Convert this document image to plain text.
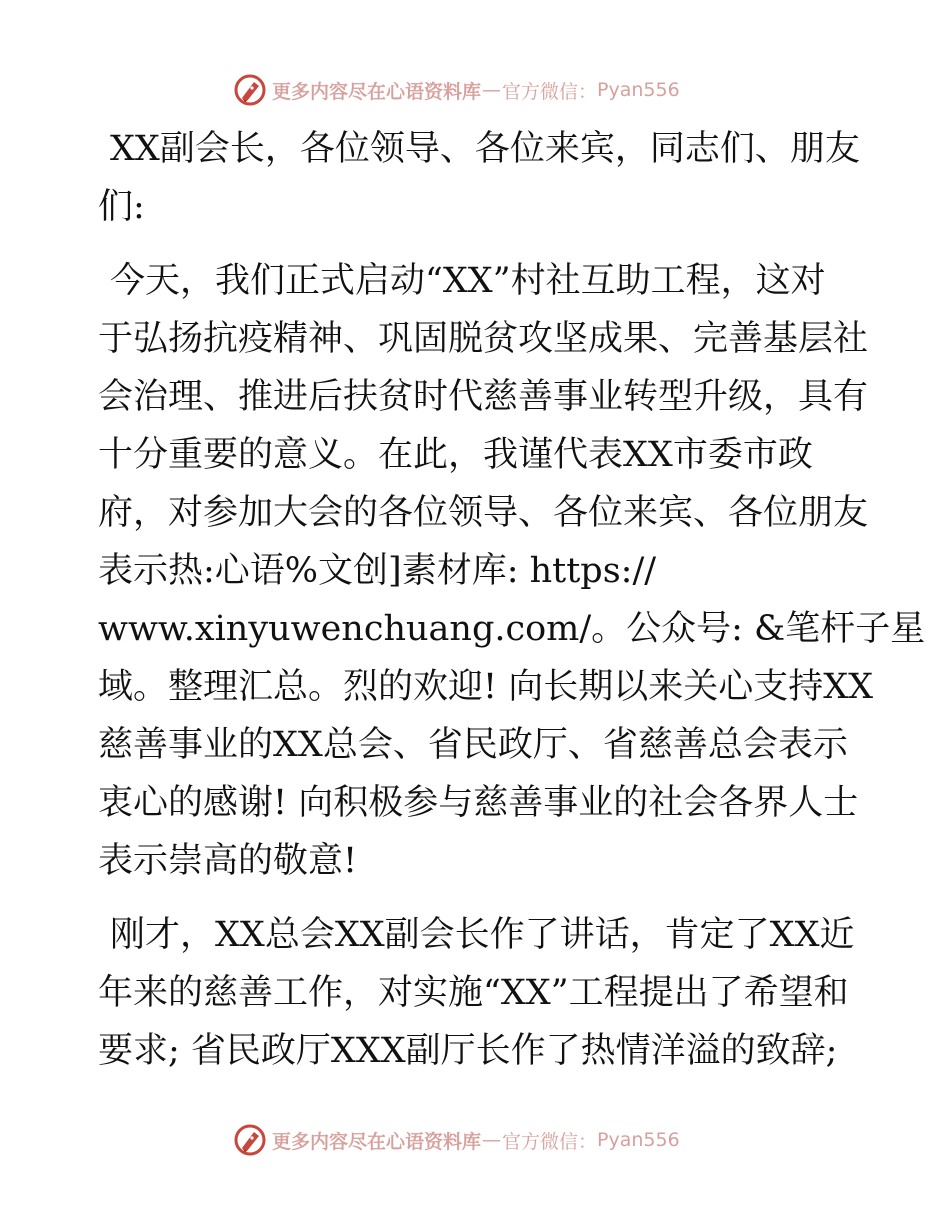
更多内容尽在心语资料库 — 官方微信： Pyan556
XX副会长，各位领导、各位来宾，同志们、朋友
们:
今天，我们正式启动“XX”村社互助工程，这对
于弘扬抗疫精神、巩固脱贫攻坚成果、完善基层社
会治理、推进后扶贫时代慈善事业转型升级，具有
十分重要的意义。在此，我谨代表XX市委市政
府，对参加大会的各位领导、各位来宾、各位朋友
表示热:心语%文创]素材库: https://
www.xinyuwenchuang.com/。公众号: &笔杆子星
域。整理汇总。烈的欢迎! 向长期以来关心支持XX
慈善事业的XX总会、省民政厅、省慈善总会表示
衷心的感谢! 向积极参与慈善事业的社会各界人士
表示崇高的敬意!
刚才，XX总会XX副会长作了讲话，肯定了XX近
年来的慈善工作，对实施“XX”工程提出了希望和
要求; 省民政厅XXX副厅长作了热情洋溢的致辞;
更多内容尽在心语资料库 — 官方微信： Pyan556
